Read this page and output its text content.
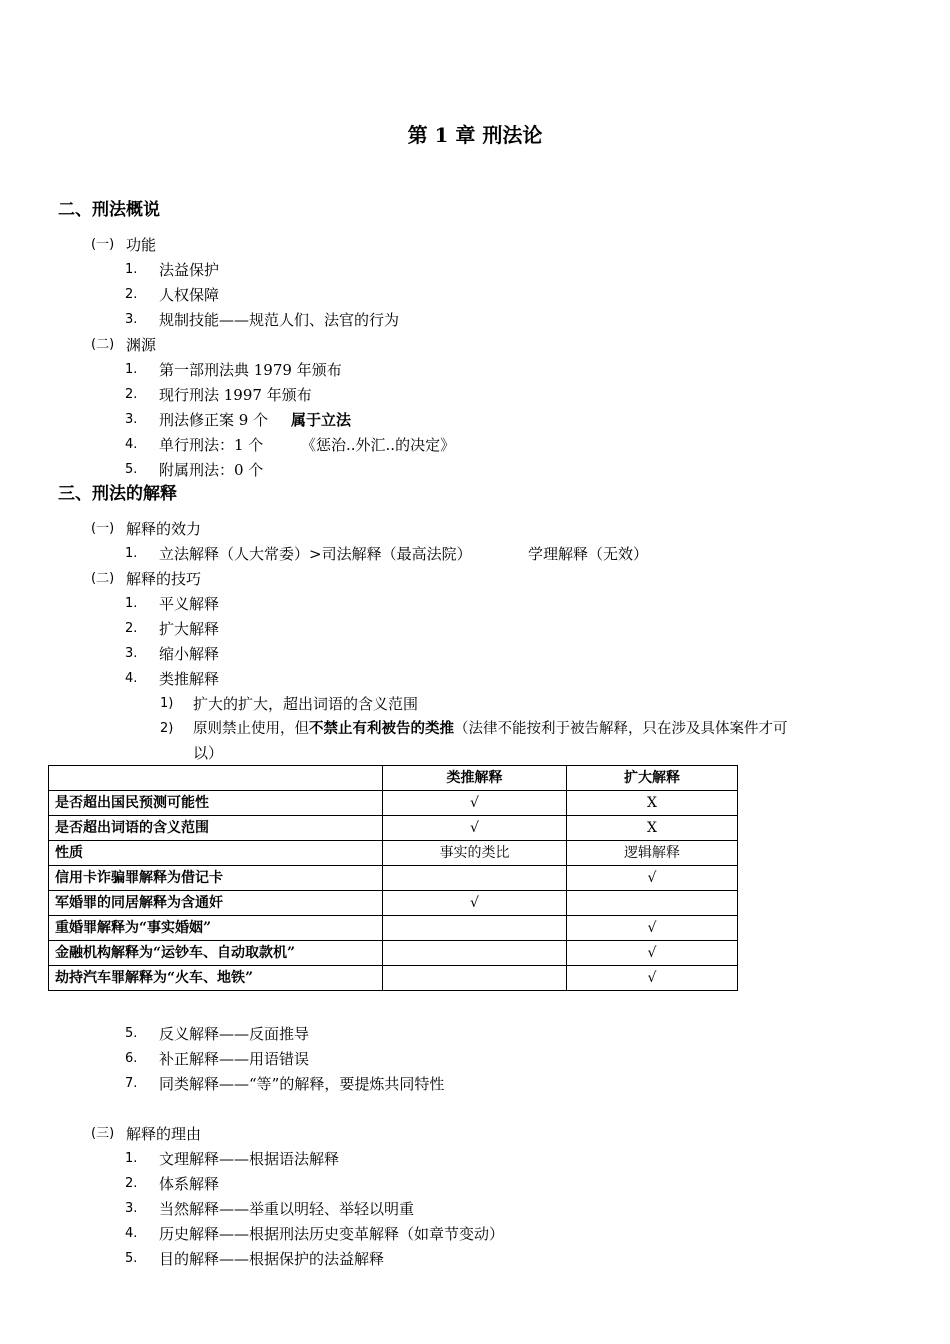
第 1 章 刑法论
二、刑法概说
(一) 功能
1. 法益保护
2. 人权保障
3. 规制技能——规范人们、法官的行为
(二) 渊源
1. 第一部刑法典 1979 年颁布
2. 现行刑法 1997 年颁布
3. 刑法修正案 9 个 属于立法
4. 单行刑法：1 个	《惩治..外汇..的决定》
5. 附属刑法：0 个
三、刑法的解释
(一) 解释的效力
1. 立法解释（人大常委）>司法解释（最高法院）	学理解释（无效）
(二) 解释的技巧
1. 平义解释
2. 扩大解释
3. 缩小解释
4. 类推解释
1) 扩大的扩大，超出词语的含义范围
2) 原则禁止使用，但不禁止有利被告的类推（法律不能按利于被告解释，只在涉及具体案件才可
以）
	类推解释	扩大解释
是否超出国民预测可能性	√	X
是否超出词语的含义范围	√	X
性质	事实的类比	逻辑解释
信用卡诈骗罪解释为借记卡		√
军婚罪的同居解释为含通奸	√	
重婚罪解释为“事实婚姻”		√
金融机构解释为“运钞车、自动取款机”		√
劫持汽车罪解释为“火车、地铁”		√
5. 反义解释——反面推导
6. 补正解释——用语错误
7. 同类解释——“等”的解释，要提炼共同特性
(三) 解释的理由
1. 文理解释——根据语法解释
2. 体系解释
3. 当然解释——举重以明轻、举轻以明重
4. 历史解释——根据刑法历史变革解释（如章节变动）
5. 目的解释——根据保护的法益解释
